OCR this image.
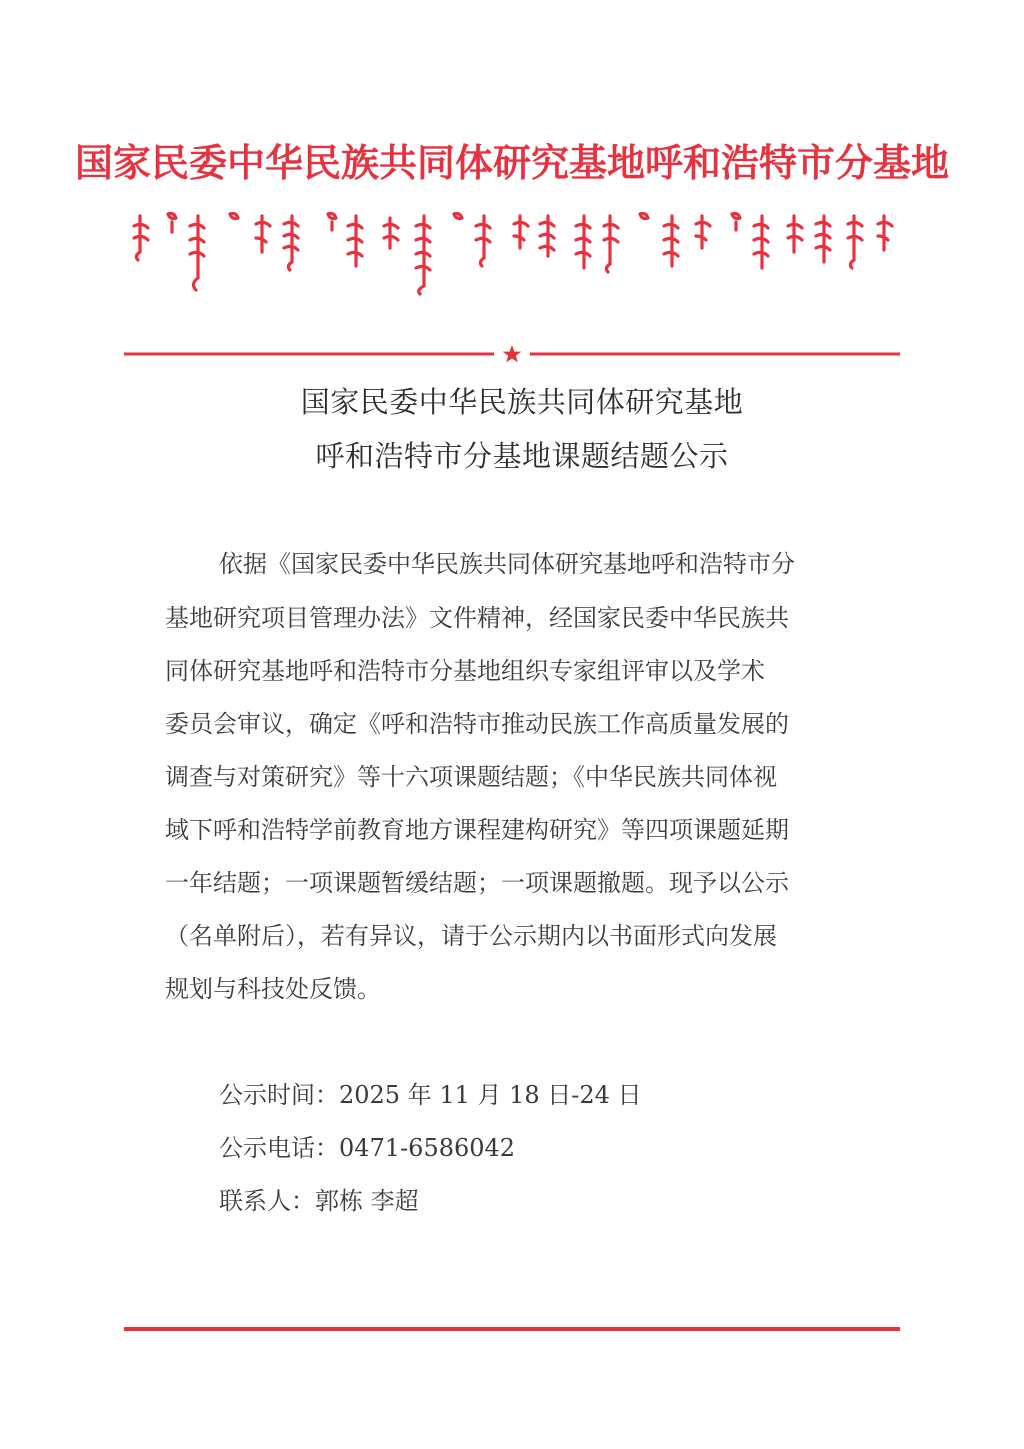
国家民委中华民族共同体研究基地呼和浩特市分基地
国家民委中华民族共同体研究基地
呼和浩特市分基地课题结题公示
依据《国家民委中华民族共同体研究基地呼和浩特市分
基地研究项目管理办法》文件精神，经国家民委中华民族共
同体研究基地呼和浩特市分基地组织专家组评审以及学术
委员会审议，确定《呼和浩特市推动民族工作高质量发展的
调查与对策研究》等十六项课题结题；《中华民族共同体视
域下呼和浩特学前教育地方课程建构研究》等四项课题延期
一年结题；一项课题暂缓结题；一项课题撤题。现予以公示
（名单附后），若有异议，请于公示期内以书面形式向发展
规划与科技处反馈。
公示时间：2025 年 11 月 18 日-24 日
公示电话：0471-6586042
联系人：郭栋 李超
